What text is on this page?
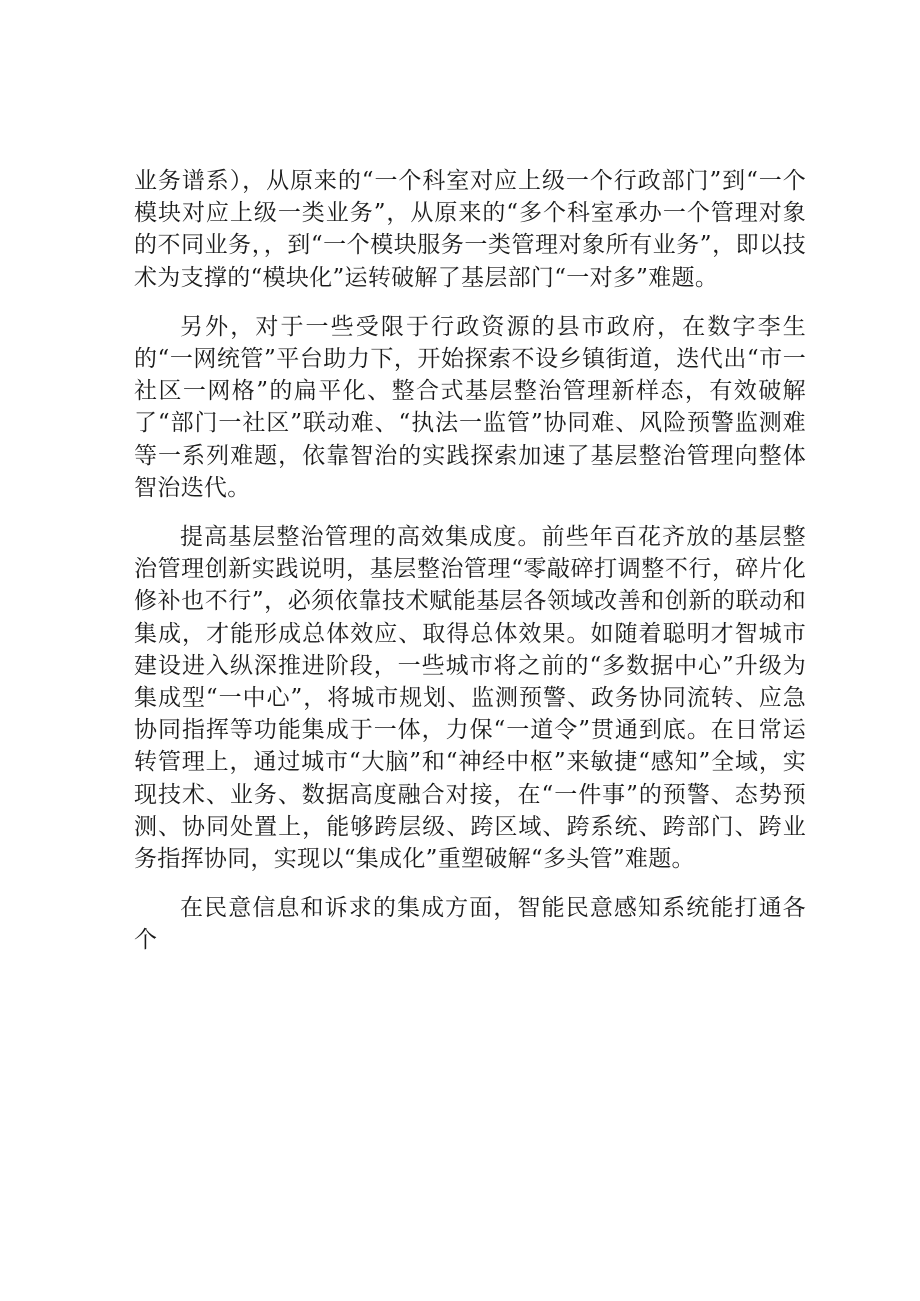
业务谱系），从原来的“一个科室对应上级一个行政部门”到“一个模块对应上级一类业务”，从原来的“多个科室承办一个管理对象的不同业务，，到“一个模块服务一类管理对象所有业务”，即以技术为支撑的“模块化”运转破解了基层部门“一对多”难题。

另外，对于一些受限于行政资源的县市政府，在数字李生的“一网统管”平台助力下，开始探索不设乡镇街道，迭代出“市一社区一网格”的扁平化、整合式基层整治管理新样态，有效破解了“部门一社区”联动难、“执法一监管”协同难、风险预警监测难等一系列难题，依靠智治的实践探索加速了基层整治管理向整体智治迭代。

提高基层整治管理的高效集成度。前些年百花齐放的基层整治管理创新实践说明，基层整治管理“零敲碎打调整不行，碎片化修补也不行”，必须依靠技术赋能基层各领域改善和创新的联动和集成，才能形成总体效应、取得总体效果。如随着聪明才智城市建设进入纵深推进阶段，一些城市将之前的“多数据中心”升级为集成型“一中心”，将城市规划、监测预警、政务协同流转、应急协同指挥等功能集成于一体，力保“一道令”贯通到底。在日常运转管理上，通过城市“大脑”和“神经中枢”来敏捷“感知”全域，实现技术、业务、数据高度融合对接，在“一件事”的预警、态势预测、协同处置上，能够跨层级、跨区域、跨系统、跨部门、跨业务指挥协同，实现以“集成化”重塑破解“多头管”难题。

在民意信息和诉求的集成方面，智能民意感知系统能打通各个
